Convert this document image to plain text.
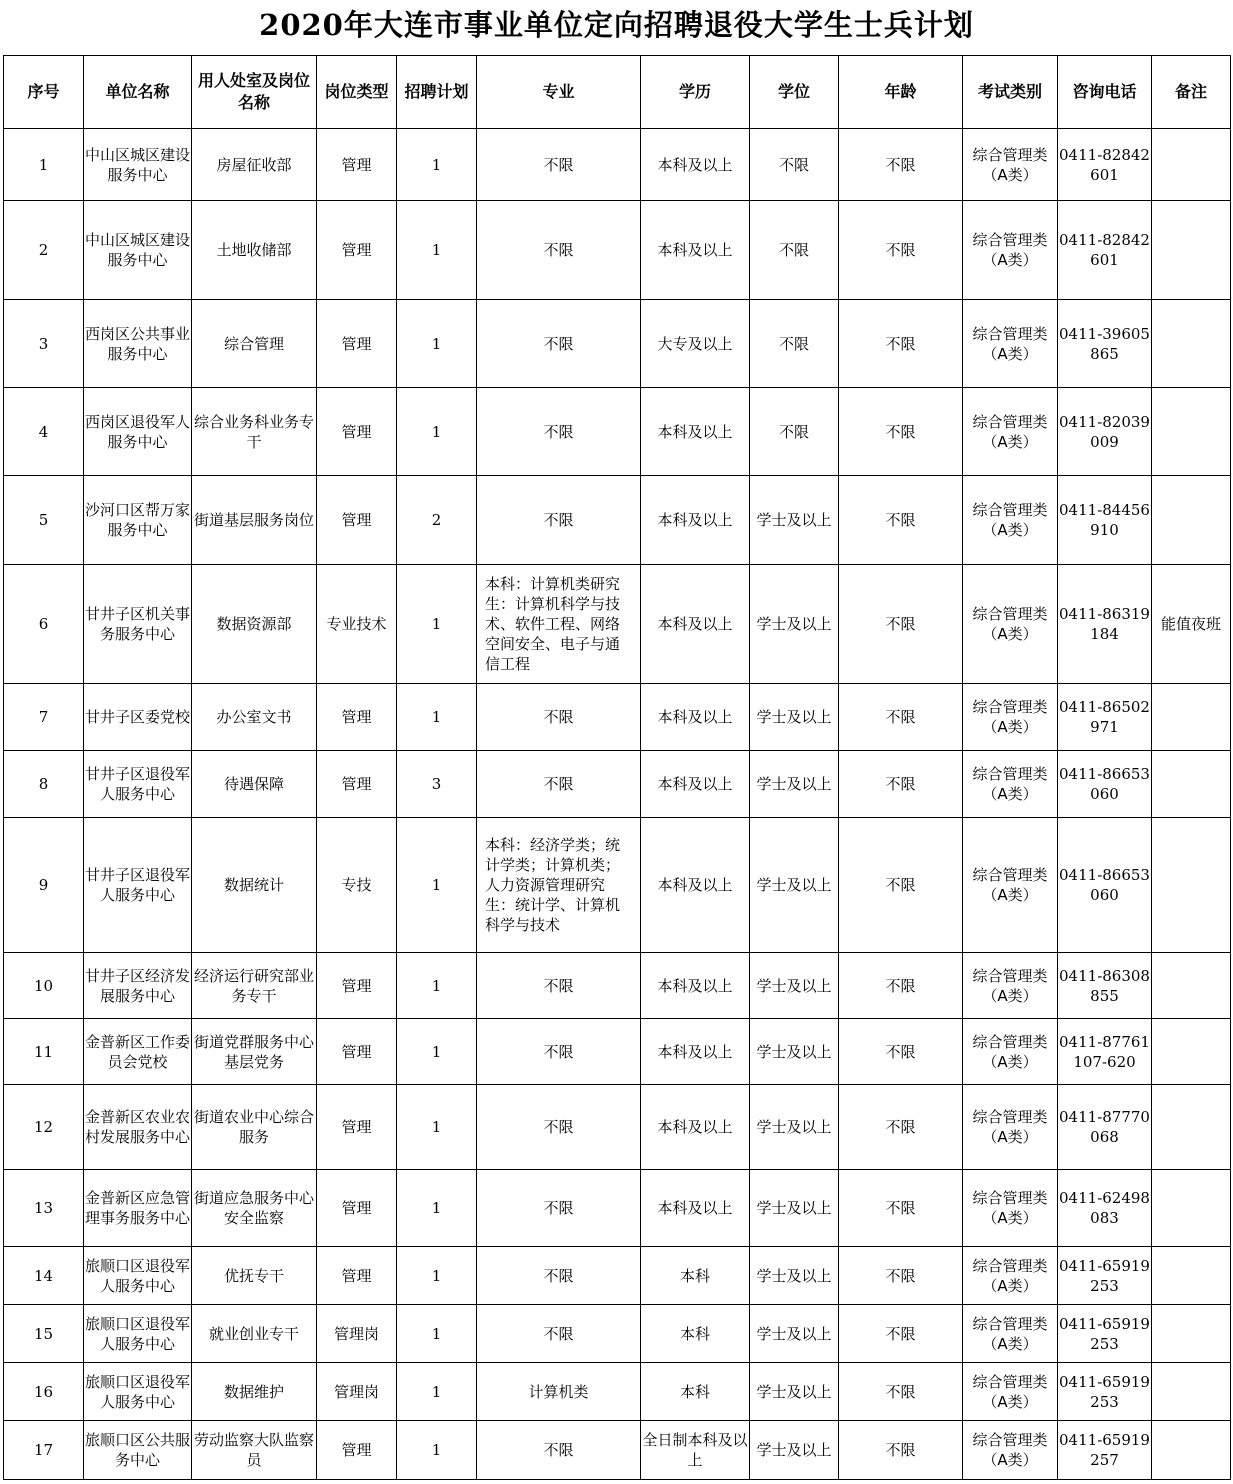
2020年大连市事业单位定向招聘退役大学生士兵计划
序号	单位名称	用人处室及岗位名称	岗位类型	招聘计划	专业	学历	学位	年龄	考试类别	咨询电话	备注
1	中山区城区建设服务中心	房屋征收部	管理	1	不限	本科及以上	不限	不限	综合管理类（A类）	0411-82842601	
2	中山区城区建设服务中心	土地收储部	管理	1	不限	本科及以上	不限	不限	综合管理类（A类）	0411-82842601	
3	西岗区公共事业服务中心	综合管理	管理	1	不限	大专及以上	不限	不限	综合管理类（A类）	0411-39605865	
4	西岗区退役军人服务中心	综合业务科业务专干	管理	1	不限	本科及以上	不限	不限	综合管理类（A类）	0411-82039009	
5	沙河口区帮万家服务中心	街道基层服务岗位	管理	2	不限	本科及以上	学士及以上	不限	综合管理类（A类）	0411-84456910	
6	甘井子区机关事务服务中心	数据资源部	专业技术	1	本科：计算机类研究生：计算机科学与技术、软件工程、网络空间安全、电子与通信工程	本科及以上	学士及以上	不限	综合管理类（A类）	0411-86319184	能值夜班
7	甘井子区委党校	办公室文书	管理	1	不限	本科及以上	学士及以上	不限	综合管理类（A类）	0411-86502971	
8	甘井子区退役军人服务中心	待遇保障	管理	3	不限	本科及以上	学士及以上	不限	综合管理类（A类）	0411-86653060	
9	甘井子区退役军人服务中心	数据统计	专技	1	本科：经济学类；统计学类；计算机类；人力资源管理研究生：统计学、计算机科学与技术	本科及以上	学士及以上	不限	综合管理类（A类）	0411-86653060	
10	甘井子区经济发展服务中心	经济运行研究部业务专干	管理	1	不限	本科及以上	学士及以上	不限	综合管理类（A类）	0411-86308855	
11	金普新区工作委员会党校	街道党群服务中心基层党务	管理	1	不限	本科及以上	学士及以上	不限	综合管理类（A类）	0411-87761107-620	
12	金普新区农业农村发展服务中心	街道农业中心综合服务	管理	1	不限	本科及以上	学士及以上	不限	综合管理类（A类）	0411-87770068	
13	金普新区应急管理事务服务中心	街道应急服务中心安全监察	管理	1	不限	本科及以上	学士及以上	不限	综合管理类（A类）	0411-62498083	
14	旅顺口区退役军人服务中心	优抚专干	管理	1	不限	本科	学士及以上	不限	综合管理类（A类）	0411-65919253	
15	旅顺口区退役军人服务中心	就业创业专干	管理岗	1	不限	本科	学士及以上	不限	综合管理类（A类）	0411-65919253	
16	旅顺口区退役军人服务中心	数据维护	管理岗	1	计算机类	本科	学士及以上	不限	综合管理类（A类）	0411-65919253	
17	旅顺口区公共服务中心	劳动监察大队监察员	管理	1	不限	全日制本科及以上	学士及以上	不限	综合管理类（A类）	0411-65919257	
